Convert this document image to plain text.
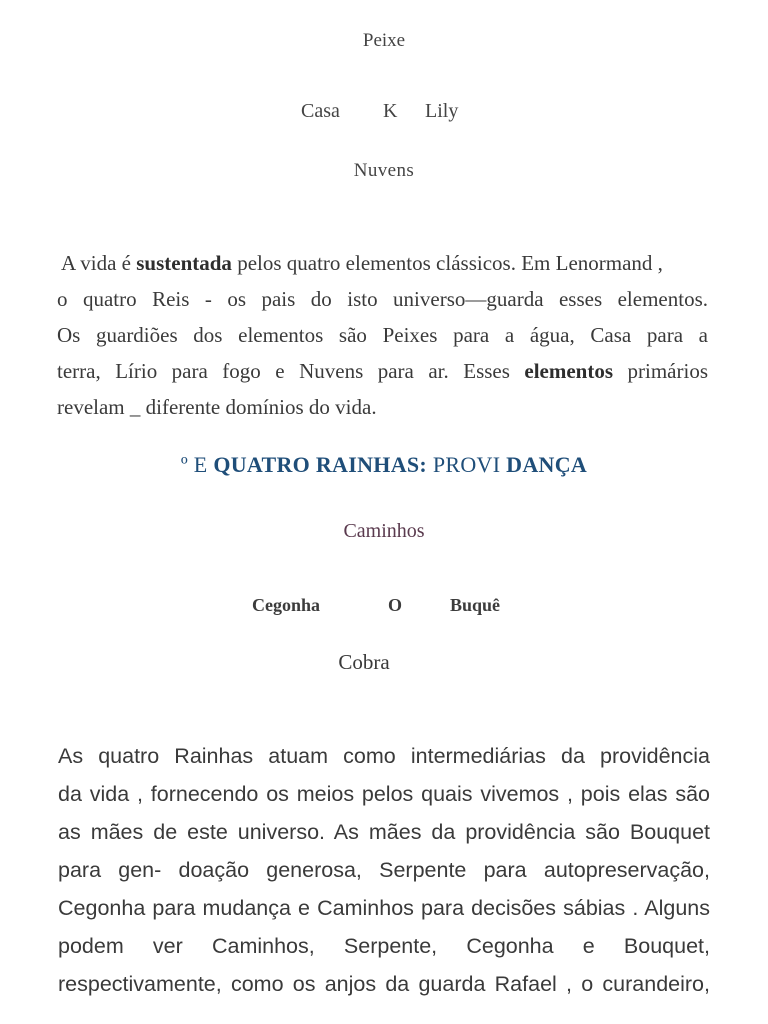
Peixe
Casa K Lily
Nuvens
A vida é sustentada pelos quatro elementos clássicos. Em Lenormand ,
o quatro Reis - os pais do isto universo—guarda esses elementos.
Os guardiões dos elementos são Peixes para a água, Casa para a
terra, Lírio para fogo e Nuvens para ar. Esses elementos primários
revelam _ diferente domínios do vida.
º E QUATRO RAINHAS: PROVI DANÇA
Caminhos
Cegonha	O	Buquê
Cobra
As quatro Rainhas atuam como intermediárias da providência
da vida , fornecendo os meios pelos quais vivemos , pois elas são
as mães de este universo. As mães da providência são Bouquet
para gen- doação generosa, Serpente para autopreservação,
Cegonha para mudança e Caminhos para decisões sábias . Alguns
podem ver Caminhos, Serpente, Cegonha e Bouquet,
respectivamente, como os anjos da guarda Rafael , o curandeiro,
